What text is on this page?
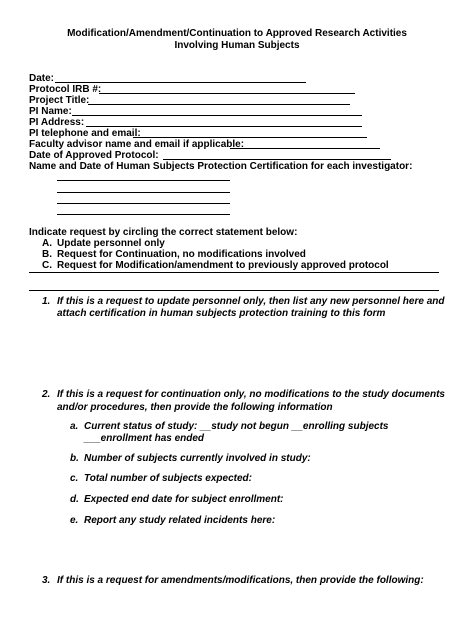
Modification/Amendment/Continuation to Approved Research Activities
Involving Human Subjects
Date:
Protocol IRB #:
Project Title:
PI Name:
PI Address:
PI telephone and email:
Faculty advisor name and email if applicable:
Date of Approved Protocol:
Name and Date of Human Subjects Protection Certification for each investigator:
Indicate request by circling the correct statement below:
A. Update personnel only
B. Request for Continuation, no modifications involved
C. Request for Modification/amendment to previously approved protocol
1. If this is a request to update personnel only, then list any new personnel here and
attach certification in human subjects protection training to this form
2. If this is a request for continuation only, no modifications to the study documents
and/or procedures, then provide the following information
a. Current status of study: __study not begun __enrolling subjects
___enrollment has ended
b. Number of subjects currently involved in study:
c. Total number of subjects expected:
d. Expected end date for subject enrollment:
e. Report any study related incidents here:
3. If this is a request for amendments/modifications, then provide the following:
